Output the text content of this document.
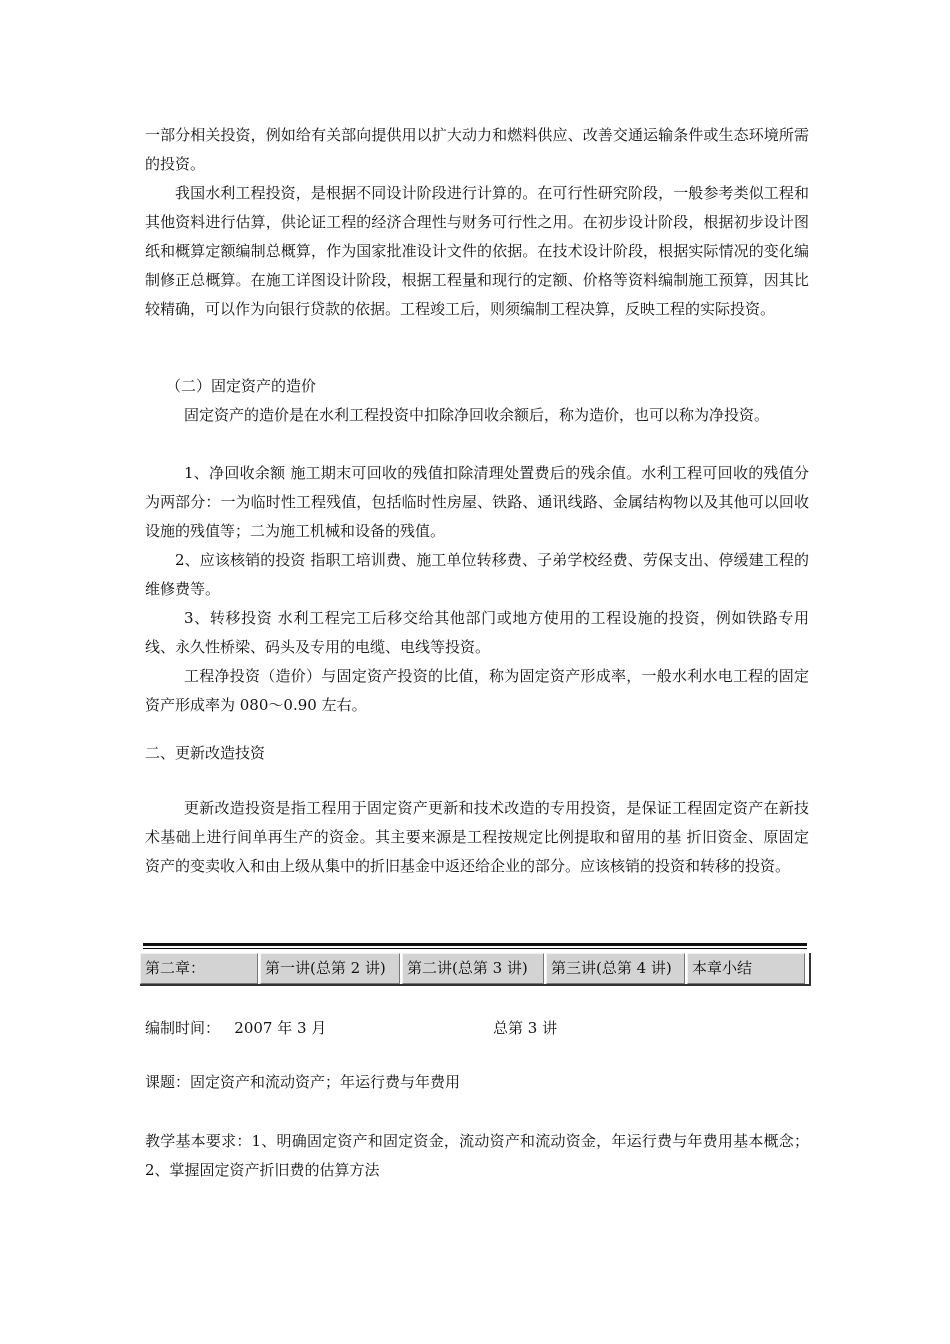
一部分相关投资，例如给有关部向提供用以扩大动力和燃料供应、改善交通运输条件或生态环境所需的投资。

我国水利工程投资，是根据不同设计阶段进行计算的。在可行性研究阶段，一般参考类似工程和其他资料进行估算，供论证工程的经济合理性与财务可行性之用。在初步设计阶段，根据初步设计图纸和概算定额编制总概算，作为国家批准设计文件的依据。在技术设计阶段，根据实际情况的变化编制修正总概算。在施工详图设计阶段，根据工程量和现行的定额、价格等资料编制施工预算，因其比较精确，可以作为向银行贷款的依据。工程竣工后，则须编制工程决算，反映工程的实际投资。

（二）固定资产的造价

固定资产的造价是在水利工程投资中扣除净回收余额后，称为造价，也可以称为净投资。

1、净回收余额 施工期末可回收的残值扣除清理处置费后的残余值。水利工程可回收的残值分为两部分：一为临时性工程残值，包括临时性房屋、铁路、通讯线路、金属结构物以及其他可以回收设施的残值等；二为施工机械和设备的残值。

2、应该核销的投资 指职工培训费、施工单位转移费、子弟学校经费、劳保支出、停缓建工程的维修费等。

3、转移投资 水利工程完工后移交给其他部门或地方使用的工程设施的投资，例如铁路专用线、永久性桥梁、码头及专用的电缆、电线等投资。

工程净投资（造价）与固定资产投资的比值，称为固定资产形成率，一般水利水电工程的固定资产形成率为 080～0.90 左右。

二、更新改造技资

更新改造投资是指工程用于固定资产更新和技术改造的专用投资，是保证工程固定资产在新技术基础上进行间单再生产的资金。其主要来源是工程按规定比例提取和留用的基 折旧资金、原固定资产的变卖收入和由上级从集中的折旧基金中返还给企业的部分。应该核销的投资和转移的投资。

第二章：	第一讲(总第 2 讲)	第二讲(总第 3 讲)	第三讲(总第 4 讲)	本章小结
编制时间：   2007 年 3 月	总第 3 讲

课题：固定资产和流动资产；年运行费与年费用

教学基本要求：1、明确固定资产和固定资金，流动资产和流动资金，年运行费与年费用基本概念；2、掌握固定资产折旧费的估算方法
